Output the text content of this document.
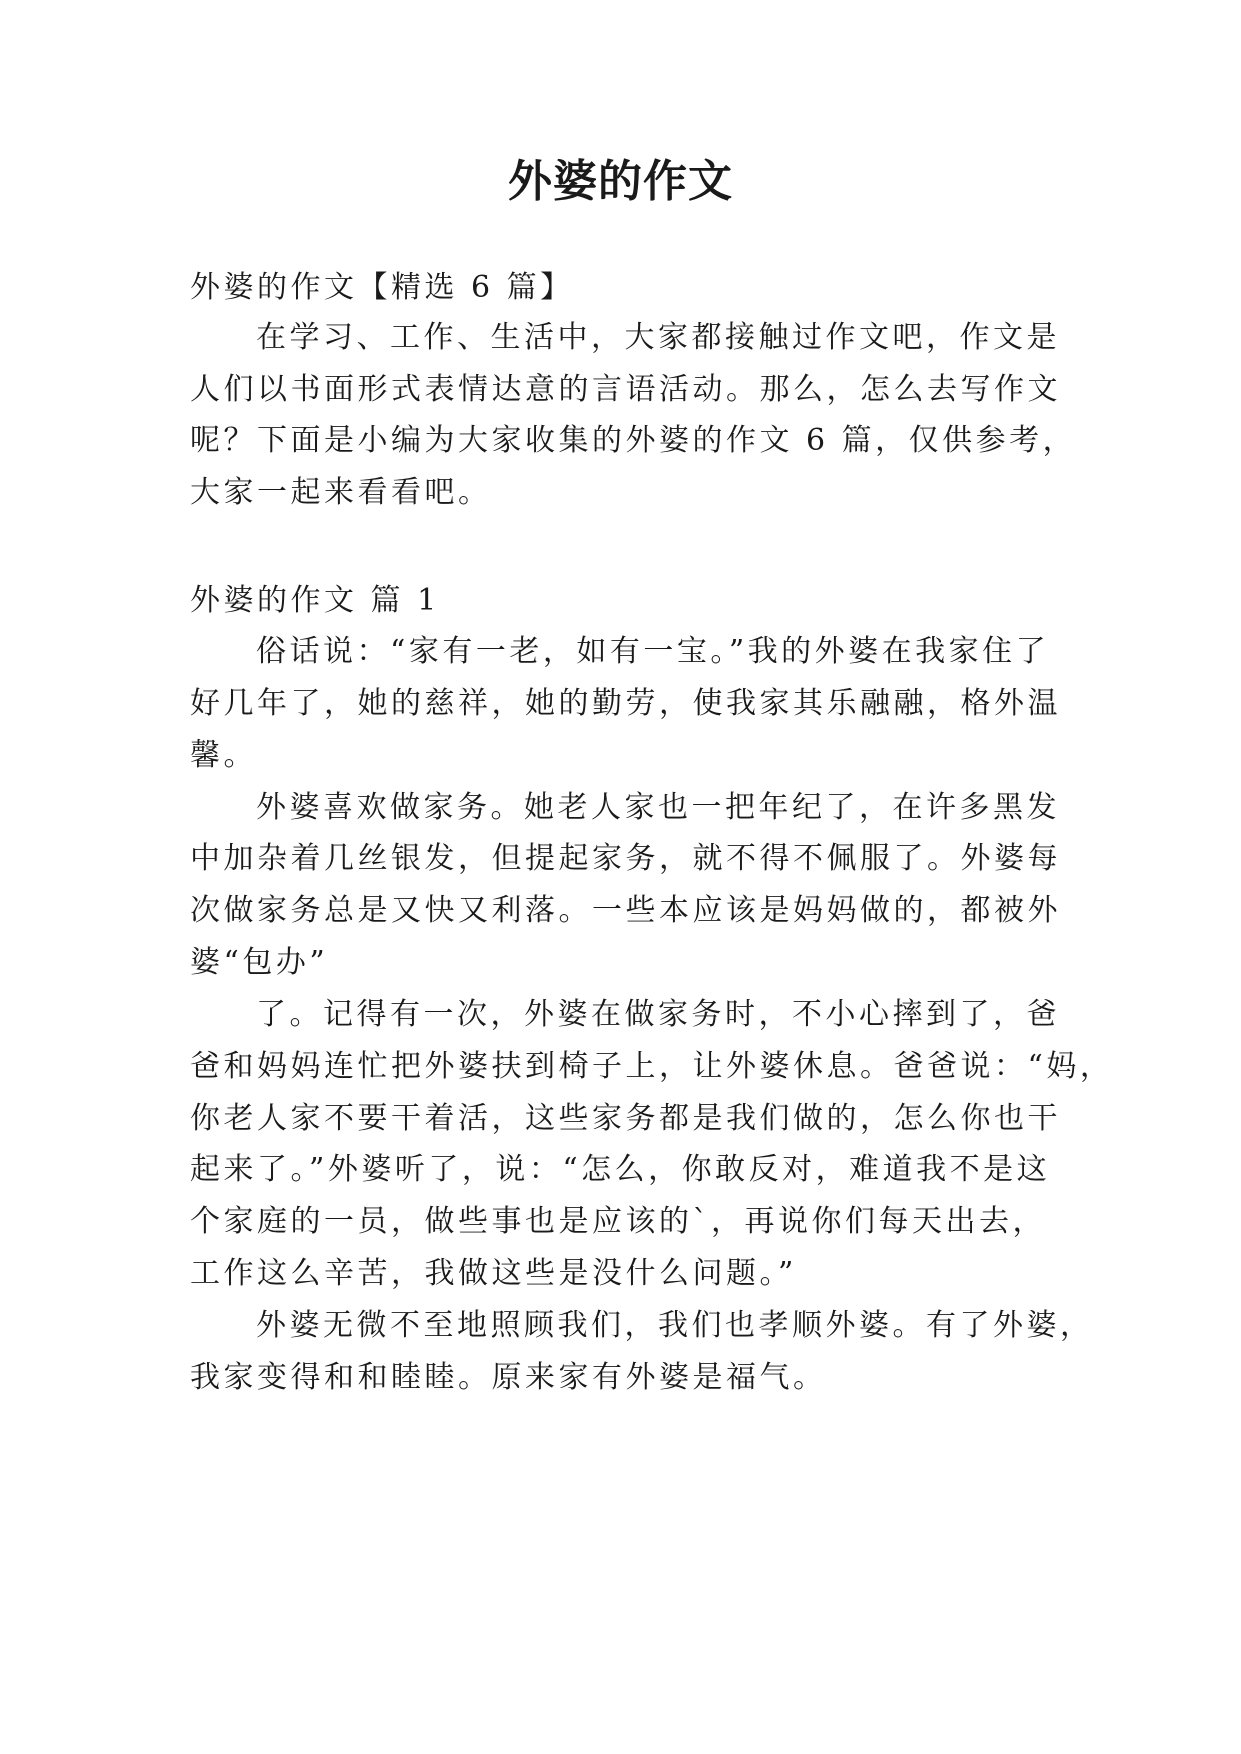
外婆的作文
外婆的作文【精选 6 篇】
在学习、工作、生活中，大家都接触过作文吧，作文是
人们以书面形式表情达意的言语活动。那么，怎么去写作文
呢？下面是小编为大家收集的外婆的作文 6 篇，仅供参考，
大家一起来看看吧。
外婆的作文 篇 1
俗话说：“家有一老，如有一宝。”我的外婆在我家住了
好几年了，她的慈祥，她的勤劳，使我家其乐融融，格外温
馨。
外婆喜欢做家务。她老人家也一把年纪了，在许多黑发
中加杂着几丝银发，但提起家务，就不得不佩服了。外婆每
次做家务总是又快又利落。一些本应该是妈妈做的，都被外
婆“包办”
了。记得有一次，外婆在做家务时，不小心摔到了，爸
爸和妈妈连忙把外婆扶到椅子上，让外婆休息。爸爸说：“妈，
你老人家不要干着活，这些家务都是我们做的，怎么你也干
起来了。”外婆听了，说：“怎么，你敢反对，难道我不是这
个家庭的一员，做些事也是应该的`，再说你们每天出去，
工作这么辛苦，我做这些是没什么问题。”
外婆无微不至地照顾我们，我们也孝顺外婆。有了外婆，
我家变得和和睦睦。原来家有外婆是福气。
